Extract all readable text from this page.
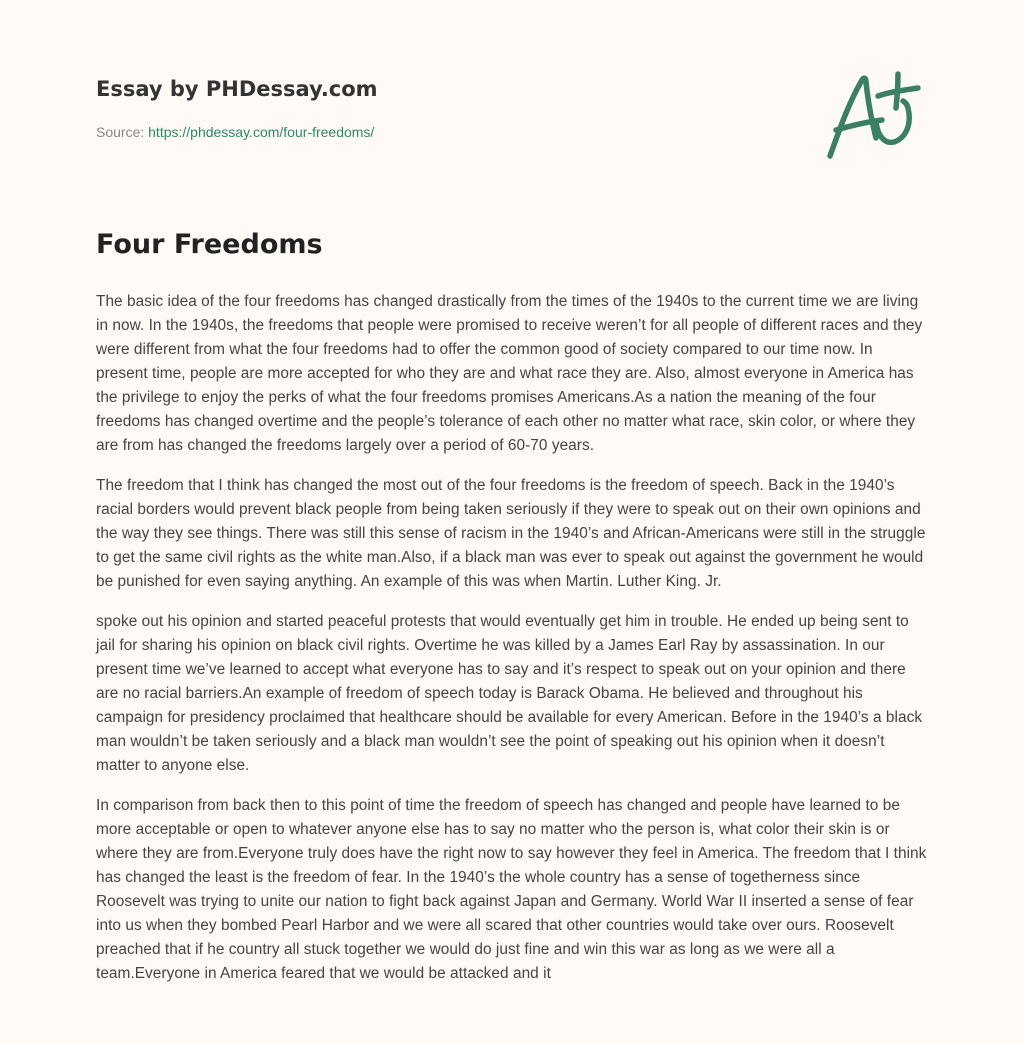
Essay by PHDessay.com
Source: https://phdessay.com/four-freedoms/
Four Freedoms

The basic idea of the four freedoms has changed drastically from the times of the 1940s to the current time we are living in now. In the 1940s, the freedoms that people were promised to receive weren’t for all people of different races and they were different from what the four freedoms had to offer the common good of society compared to our time now. In present time, people are more accepted for who they are and what race they are. Also, almost everyone in America has the privilege to enjoy the perks of what the four freedoms promises Americans.As a nation the meaning of the four freedoms has changed overtime and the people’s tolerance of each other no matter what race, skin color, or where they are from has changed the freedoms largely over a period of 60-70 years.

The freedom that I think has changed the most out of the four freedoms is the freedom of speech. Back in the 1940’s racial borders would prevent black people from being taken seriously if they were to speak out on their own opinions and the way they see things. There was still this sense of racism in the 1940’s and African-Americans were still in the struggle to get the same civil rights as the white man.Also, if a black man was ever to speak out against the government he would be punished for even saying anything. An example of this was when Martin. Luther King. Jr.

spoke out his opinion and started peaceful protests that would eventually get him in trouble. He ended up being sent to jail for sharing his opinion on black civil rights. Overtime he was killed by a James Earl Ray by assassination. In our present time we’ve learned to accept what everyone has to say and it’s respect to speak out on your opinion and there are no racial barriers.An example of freedom of speech today is Barack Obama. He believed and throughout his campaign for presidency proclaimed that healthcare should be available for every American. Before in the 1940’s a black man wouldn’t be taken seriously and a black man wouldn’t see the point of speaking out his opinion when it doesn’t matter to anyone else.

In comparison from back then to this point of time the freedom of speech has changed and people have learned to be more acceptable or open to whatever anyone else has to say no matter who the person is, what color their skin is or where they are from.Everyone truly does have the right now to say however they feel in America. The freedom that I think has changed the least is the freedom of fear. In the 1940’s the whole country has a sense of togetherness since Roosevelt was trying to unite our nation to fight back against Japan and Germany. World War II inserted a sense of fear into us when they bombed Pearl Harbor and we were all scared that other countries would take over ours. Roosevelt preached that if he country all stuck together we would do just fine and win this war as long as we were all a team.Everyone in America feared that we would be attacked and it
